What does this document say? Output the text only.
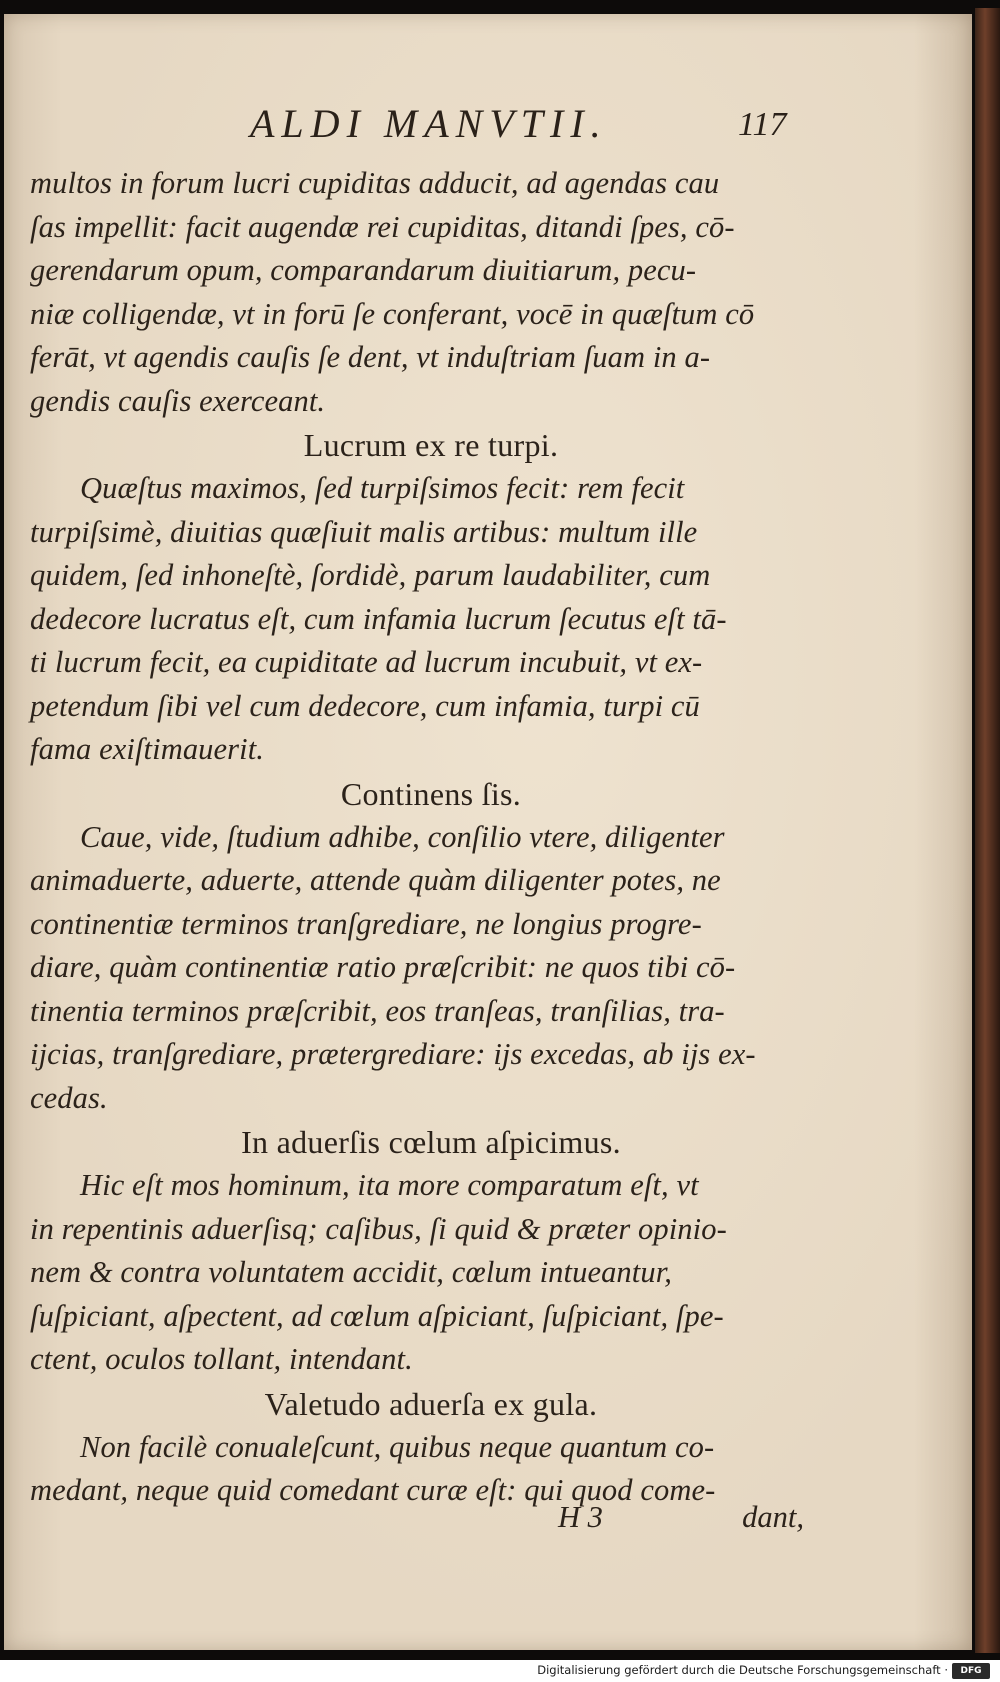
ALDI MANVTII.	117
multos in forum lucri cupiditas adducit, ad agendas cau
ſas impellit: facit augendæ rei cupiditas, ditandi ſpes, cō-
gerendarum opum, comparandarum diuitiarum, pecu-
niæ colligendæ, vt in forū ſe conferant, vocē in quæſtum cō
ferāt, vt agendis cauſis ſe dent, vt induſtriam ſuam in a-
gendis cauſis exerceant.
Lucrum ex re turpi.
Quæſtus maximos, ſed turpiſsimos fecit: rem fecit
turpiſsimè, diuitias quæſiuit malis artibus: multum ille
quidem, ſed inhoneſtè, ſordidè, parum laudabiliter, cum
dedecore lucratus eſt, cum infamia lucrum ſecutus eſt tā-
ti lucrum fecit, ea cupiditate ad lucrum incubuit, vt ex-
petendum ſibi vel cum dedecore, cum infamia, turpi cū
fama exiſtimauerit.
Continens ſis.
Caue, vide, ſtudium adhibe, conſilio vtere, diligenter
animaduerte, aduerte, attende quàm diligenter potes, ne
continentiæ terminos tranſgrediare, ne longius progre-
diare, quàm continentiæ ratio præſcribit: ne quos tibi cō-
tinentia terminos præſcribit, eos tranſeas, tranſilias, tra-
ijcias, tranſgrediare, prætergrediare: ijs excedas, ab ijs ex-
cedas.
In aduerſis cœlum aſpicimus.
Hic eſt mos hominum, ita more comparatum eſt, vt
in repentinis aduerſisq; caſibus, ſi quid & præter opinio-
nem & contra voluntatem accidit, cœlum intueantur,
ſuſpiciant, aſpectent, ad cœlum aſpiciant, ſuſpiciant, ſpe-
ctent, oculos tollant, intendant.
Valetudo aduerſa ex gula.
Non facilè conualeſcunt, quibus neque quantum co-
medant, neque quid comedant curæ eſt: qui quod come-
H 3	dant,
Digitalisierung gefördert durch die Deutsche Forschungsgemeinschaft ·	DFG
